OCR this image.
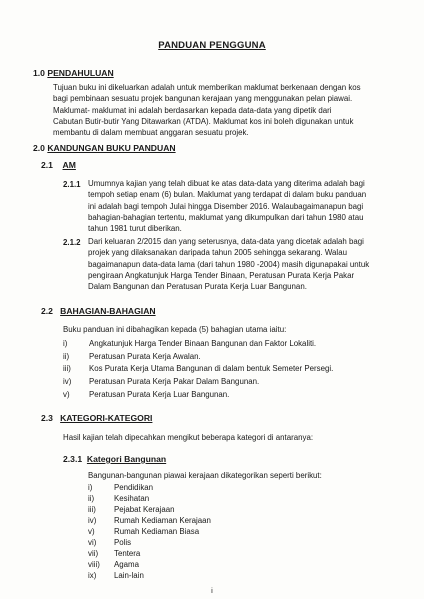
PANDUAN PENGGUNA
1.0 PENDAHULUAN
Tujuan buku ini dikeluarkan adalah untuk memberikan maklumat berkenaan dengan kos
bagi pembinaan sesuatu projek bangunan kerajaan yang menggunakan pelan piawai.
Maklumat- maklumat ini adalah berdasarkan kepada data-data yang dipetik dari
Cabutan Butir-butir Yang Ditawarkan (ATDA). Maklumat kos ini boleh digunakan untuk
membantu di dalam membuat anggaran sesuatu projek.
2.0 KANDUNGAN BUKU PANDUAN
2.1 AM
2.1.1 Umumnya kajian yang telah dibuat ke atas data-data yang diterima adalah bagi
tempoh setiap enam (6) bulan. Maklumat yang terdapat di dalam buku panduan
ini adalah bagi tempoh Julai hingga Disember 2016. Walaubagaimanapun bagi
bahagian-bahagian tertentu, maklumat yang dikumpulkan dari tahun 1980 atau
tahun 1981 turut diberikan.
2.1.2 Dari keluaran 2/2015 dan yang seterusnya, data-data yang dicetak adalah bagi
projek yang dilaksanakan daripada tahun 2005 sehingga sekarang. Walau
bagaimanapun data-data lama (dari tahun 1980 -2004) masih digunapakai untuk
pengiraan Angkatunjuk Harga Tender Binaan, Peratusan Purata Kerja Pakar
Dalam Bangunan dan Peratusan Purata Kerja Luar Bangunan.
2.2 BAHAGIAN-BAHAGIAN
Buku panduan ini dibahagikan kepada (5) bahagian utama iaitu:
i)	Angkatunjuk Harga Tender Binaan Bangunan dan Faktor Lokaliti.
ii)	Peratusan Purata Kerja Awalan.
iii) Kos Purata Kerja Utama Bangunan di dalam bentuk Semeter Persegi.
iv) Peratusan Purata Kerja Pakar Dalam Bangunan.
v) Peratusan Purata Kerja Luar Bangunan.
2.3 KATEGORI-KATEGORI
Hasil kajian telah dipecahkan mengikut beberapa kategori di antaranya:
2.3.1 Kategori Bangunan
Bangunan-bangunan piawai kerajaan dikategorikan seperti berikut:
i)	Pendidikan
ii)	Kesihatan
iii) Pejabat Kerajaan
iv) Rumah Kediaman Kerajaan
v) Rumah Kediaman Biasa
vi) Polis
vii) Tentera
viii) Agama
ix) Lain-lain
i
